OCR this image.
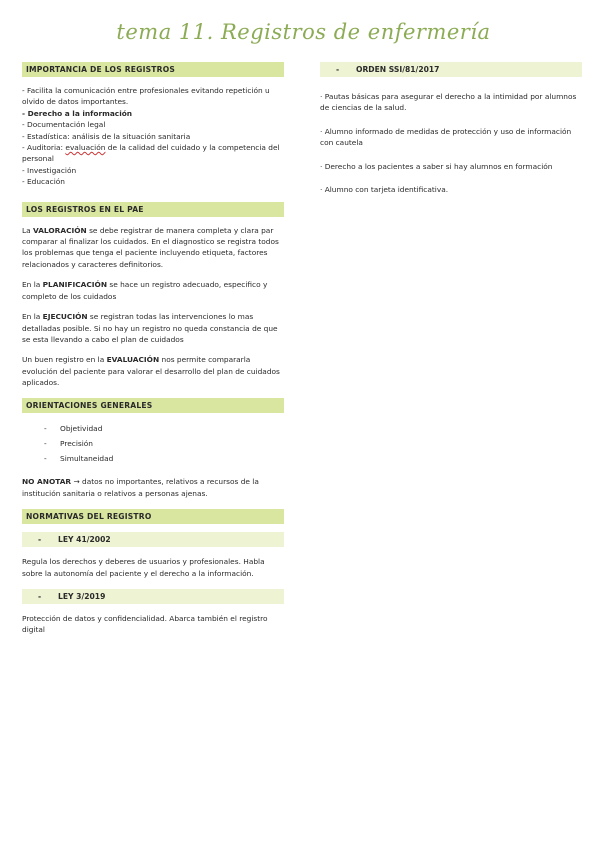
tema 11. Registros de enfermería
IMPORTANCIA DE LOS REGISTROS
- Facilita la comunicación entre profesionales evitando repetición u olvido de datos importantes.
- Derecho a la información
- Documentación legal
- Estadística: análisis de la situación sanitaria
- Auditoria: evaluación de la calidad del cuidado y la competencia del personal
- Investigación
- Educación
LOS REGISTROS EN EL PAE

La VALORACIÓN se debe registrar de manera completa y clara par comparar al finalizar los cuidados. En el diagnostico se registra todos los problemas que tenga el paciente incluyendo etiqueta, factores relacionados y caracteres definitorios.

En la PLANIFICACIÓN se hace un registro adecuado, especifico y completo de los cuidados

En la EJECUCIÓN se registran todas las intervenciones lo mas detalladas posible. Si no hay un registro no queda constancia de que se esta llevando a cabo el plan de cuidados

Un buen registro en la EVALUACIÓN nos permite compararla evolución del paciente para valorar el desarrollo del plan de cuidados aplicados.

ORIENTACIONES GENERALES
- Objetividad
- Precisión
- Simultaneidad

NO ANOTAR → datos no importantes, relativos a recursos de la institución sanitaria o relativos a personas ajenas.

NORMATIVAS DEL REGISTRO
- LEY 41/2002

Regula los derechos y deberes de usuarios y profesionales. Habla sobre la autonomía del paciente y el derecho a la información.

- LEY 3/2019

Protección de datos y confidencialidad. Abarca también el registro digital

- ORDEN SSI/81/2017

· Pautas básicas para asegurar el derecho a la intimidad por alumnos de ciencias de la salud.

· Alumno informado de medidas de protección y uso de información con cautela

· Derecho a los pacientes a saber si hay alumnos en formación

· Alumno con tarjeta identificativa.
